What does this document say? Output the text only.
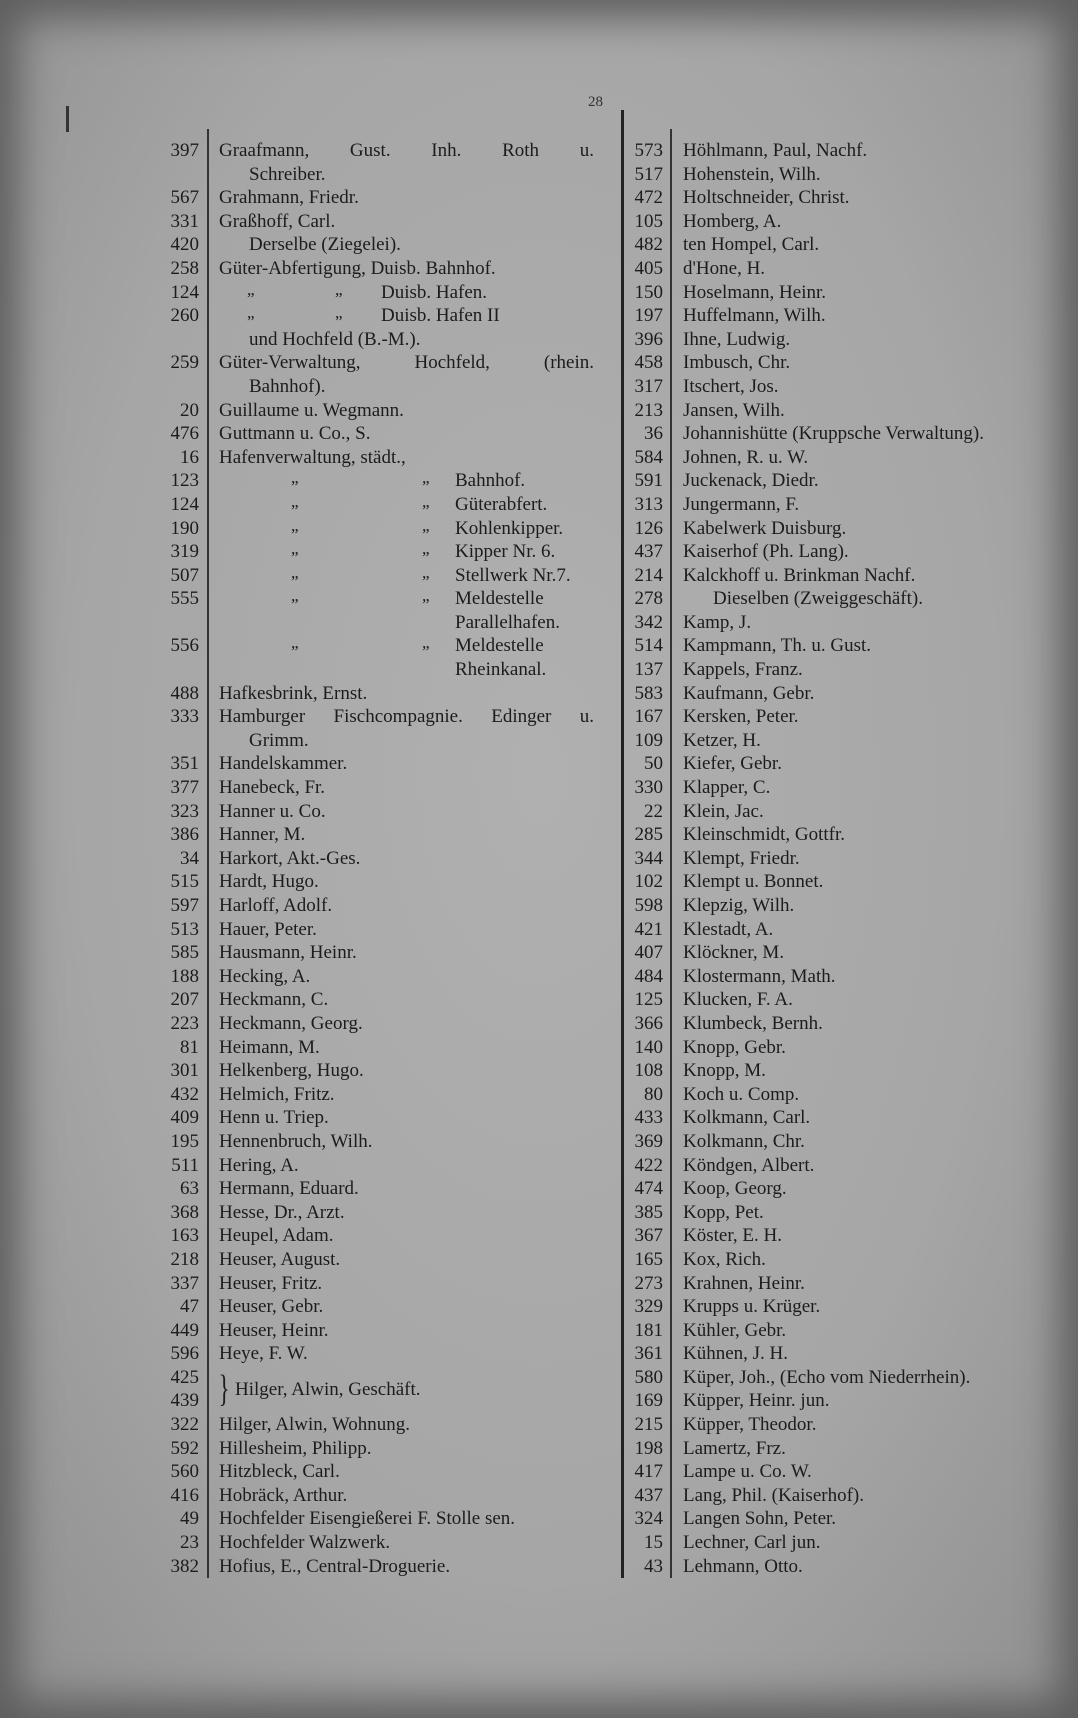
28
397 Graafmann, Gust. Inh. Roth u.
Schreiber.
567 Grahmann, Friedr.
331 Graßhoff, Carl.
420	Derselbe (Ziegelei).
258 Güter-Abfertigung, Duisb. Bahnhof.
124	”	” Duisb. Hafen.
260	”	” Duisb. Hafen II
und Hochfeld (B.-M.).
259 Güter-Verwaltung, Hochfeld, (rhein.
Bahnhof).
20 Guillaume u. Wegmann.
476 Guttmann u. Co., S.
16 Hafenverwaltung, städt.,
123	”	” Bahnhof.
124	”	” Güterabfert.
190	”	” Kohlenkipper.
319	”	” Kipper Nr. 6.
507	”	” Stellwerk Nr.7.
555	”	” Meldestelle
Parallelhafen.
556	”	” Meldestelle
Rheinkanal.
488 Hafkesbrink, Ernst.
333 Hamburger Fischcompagnie. Edinger u.
Grimm.
351 Handelskammer.
377 Hanebeck, Fr.
323 Hanner u. Co.
386 Hanner, M.
34 Harkort, Akt.-Ges.
515 Hardt, Hugo.
597 Harloff, Adolf.
513 Hauer, Peter.
585 Hausmann, Heinr.
188 Hecking, A.
207 Heckmann, C.
223 Heckmann, Georg.
81 Heimann, M.
301 Helkenberg, Hugo.
432 Helmich, Fritz.
409 Henn u. Triep.
195 Hennenbruch, Wilh.
511 Hering, A.
63 Hermann, Eduard.
368 Hesse, Dr., Arzt.
163 Heupel, Adam.
218 Heuser, August.
337 Heuser, Fritz.
47 Heuser, Gebr.
449 Heuser, Heinr.
596 Heye, F. W.
425
439 } Hilger, Alwin, Geschäft.
322 Hilger, Alwin, Wohnung.
592 Hillesheim, Philipp.
560 Hitzbleck, Carl.
416 Hobräck, Arthur.
49 Hochfelder Eisengießerei F. Stolle sen.
23 Hochfelder Walzwerk.
382 Hofius, E., Central-Droguerie.
573 Höhlmann, Paul, Nachf.
517 Hohenstein, Wilh.
472 Holtschneider, Christ.
105 Homberg, A.
482 ten Hompel, Carl.
405 d'Hone, H.
150 Hoselmann, Heinr.
197 Huffelmann, Wilh.
396 Ihne, Ludwig.
458 Imbusch, Chr.
317 Itschert, Jos.
213 Jansen, Wilh.
36 Johannishütte (Kruppsche Verwaltung).
584 Johnen, R. u. W.
591 Juckenack, Diedr.
313 Jungermann, F.
126 Kabelwerk Duisburg.
437 Kaiserhof (Ph. Lang).
214 Kalckhoff u. Brinkman Nachf.
278	Dieselben (Zweiggeschäft).
342 Kamp, J.
514 Kampmann, Th. u. Gust.
137 Kappels, Franz.
583 Kaufmann, Gebr.
167 Kersken, Peter.
109 Ketzer, H.
50 Kiefer, Gebr.
330 Klapper, C.
22 Klein, Jac.
285 Kleinschmidt, Gottfr.
344 Klempt, Friedr.
102 Klempt u. Bonnet.
598 Klepzig, Wilh.
421 Klestadt, A.
407 Klöckner, M.
484 Klostermann, Math.
125 Klucken, F. A.
366 Klumbeck, Bernh.
140 Knopp, Gebr.
108 Knopp, M.
80 Koch u. Comp.
433 Kolkmann, Carl.
369 Kolkmann, Chr.
422 Köndgen, Albert.
474 Koop, Georg.
385 Kopp, Pet.
367 Köster, E. H.
165 Kox, Rich.
273 Krahnen, Heinr.
329 Krupps u. Krüger.
181 Kühler, Gebr.
361 Kühnen, J. H.
580 Küper, Joh., (Echo vom Niederrhein).
169 Küpper, Heinr. jun.
215 Küpper, Theodor.
198 Lamertz, Frz.
417 Lampe u. Co. W.
437 Lang, Phil. (Kaiserhof).
324 Langen Sohn, Peter.
15 Lechner, Carl jun.
43 Lehmann, Otto.
